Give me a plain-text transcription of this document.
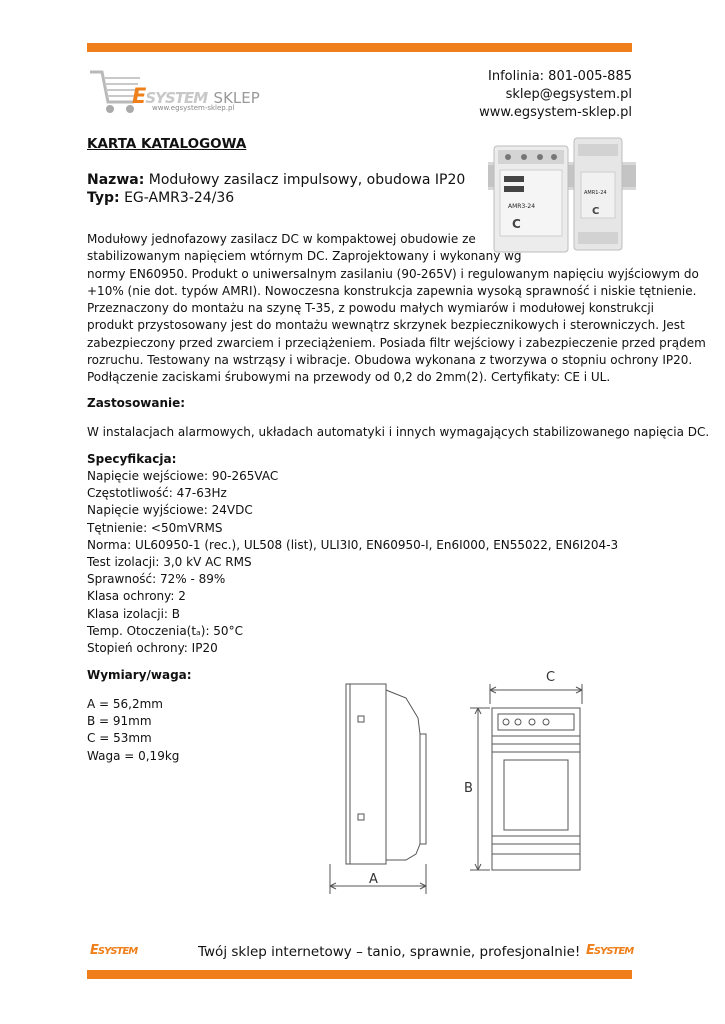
ESYSTEM SKLEP
www.egsystem-sklep.pl
Infolinia: 801-005-885
sklep@egsystem.pl
www.egsystem-sklep.pl
KARTA KATALOGOWA
Nazwa: Modułowy zasilacz impulsowy, obudowa IP20
Typ: EG-AMR3-24/36
AMR3-24
C
AMR1-24
C
Modułowy jednofazowy zasilacz DC w kompaktowej obudowie ze
stabilizowanym napięciem wtórnym DC. Zaprojektowany i wykonany wg
normy EN60950. Produkt o uniwersalnym zasilaniu (90-265V) i regulowanym napięciu wyjściowym do
+10% (nie dot. typów AMRI). Nowoczesna konstrukcja zapewnia wysoką sprawność i niskie tętnienie.
Przeznaczony do montażu na szynę T-35, z powodu małych wymiarów i modułowej konstrukcji
produkt przystosowany jest do montażu wewnątrz skrzynek bezpiecznikowych i sterowniczych. Jest
zabezpieczony przed zwarciem i przeciążeniem. Posiada filtr wejściowy i zabezpieczenie przed prądem
rozruchu. Testowany na wstrząsy i wibracje. Obudowa wykonana z tworzywa o stopniu ochrony IP20.
Podłączenie zaciskami śrubowymi na przewody od 0,2 do 2mm(2). Certyfikaty: CE i UL.
Zastosowanie:
W instalacjach alarmowych, układach automatyki i innych wymagających stabilizowanego napięcia DC.
Specyfikacja:
Napięcie wejściowe: 90-265VAC
Częstotliwość: 47-63Hz
Napięcie wyjściowe: 24VDC
Tętnienie: <50mVRMS
Norma: UL60950-1 (rec.), UL508 (list), ULI3I0, EN60950-I, En6I000, EN55022, EN6I204-3
Test izolacji: 3,0 kV AC RMS
Sprawność: 72% - 89%
Klasa ochrony: 2
Klasa izolacji: B
Temp. Otoczenia(tₐ): 50°C
Stopień ochrony: IP20
Wymiary/waga:
A = 56,2mm
B = 91mm
C = 53mm
Waga = 0,19kg
A
C
B
ESYSTEM	Twój sklep internetowy – tanio, sprawnie, profesjonalnie! ESYSTEM
